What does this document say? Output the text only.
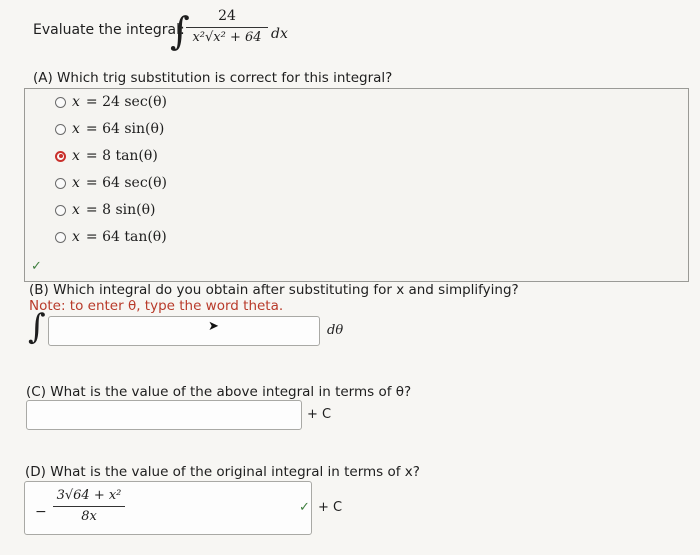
Evaluate the integral:
∫	24
x²√x² + 64 dx
(A) Which trig substitution is correct for this integral?
x = 24 sec(θ)
x = 64 sin(θ)
x = 8 tan(θ)
x = 64 sec(θ)
x = 8 sin(θ)
x = 64 tan(θ)
✓
(B) Which integral do you obtain after substituting for x and simplifying?
Note: to enter θ, type the word theta.
∫	dθ
(C) What is the value of the above integral in terms of θ?
+ C
(D) What is the value of the original integral in terms of x?
−
3√64 + x²
8x
✓ + C
➤
